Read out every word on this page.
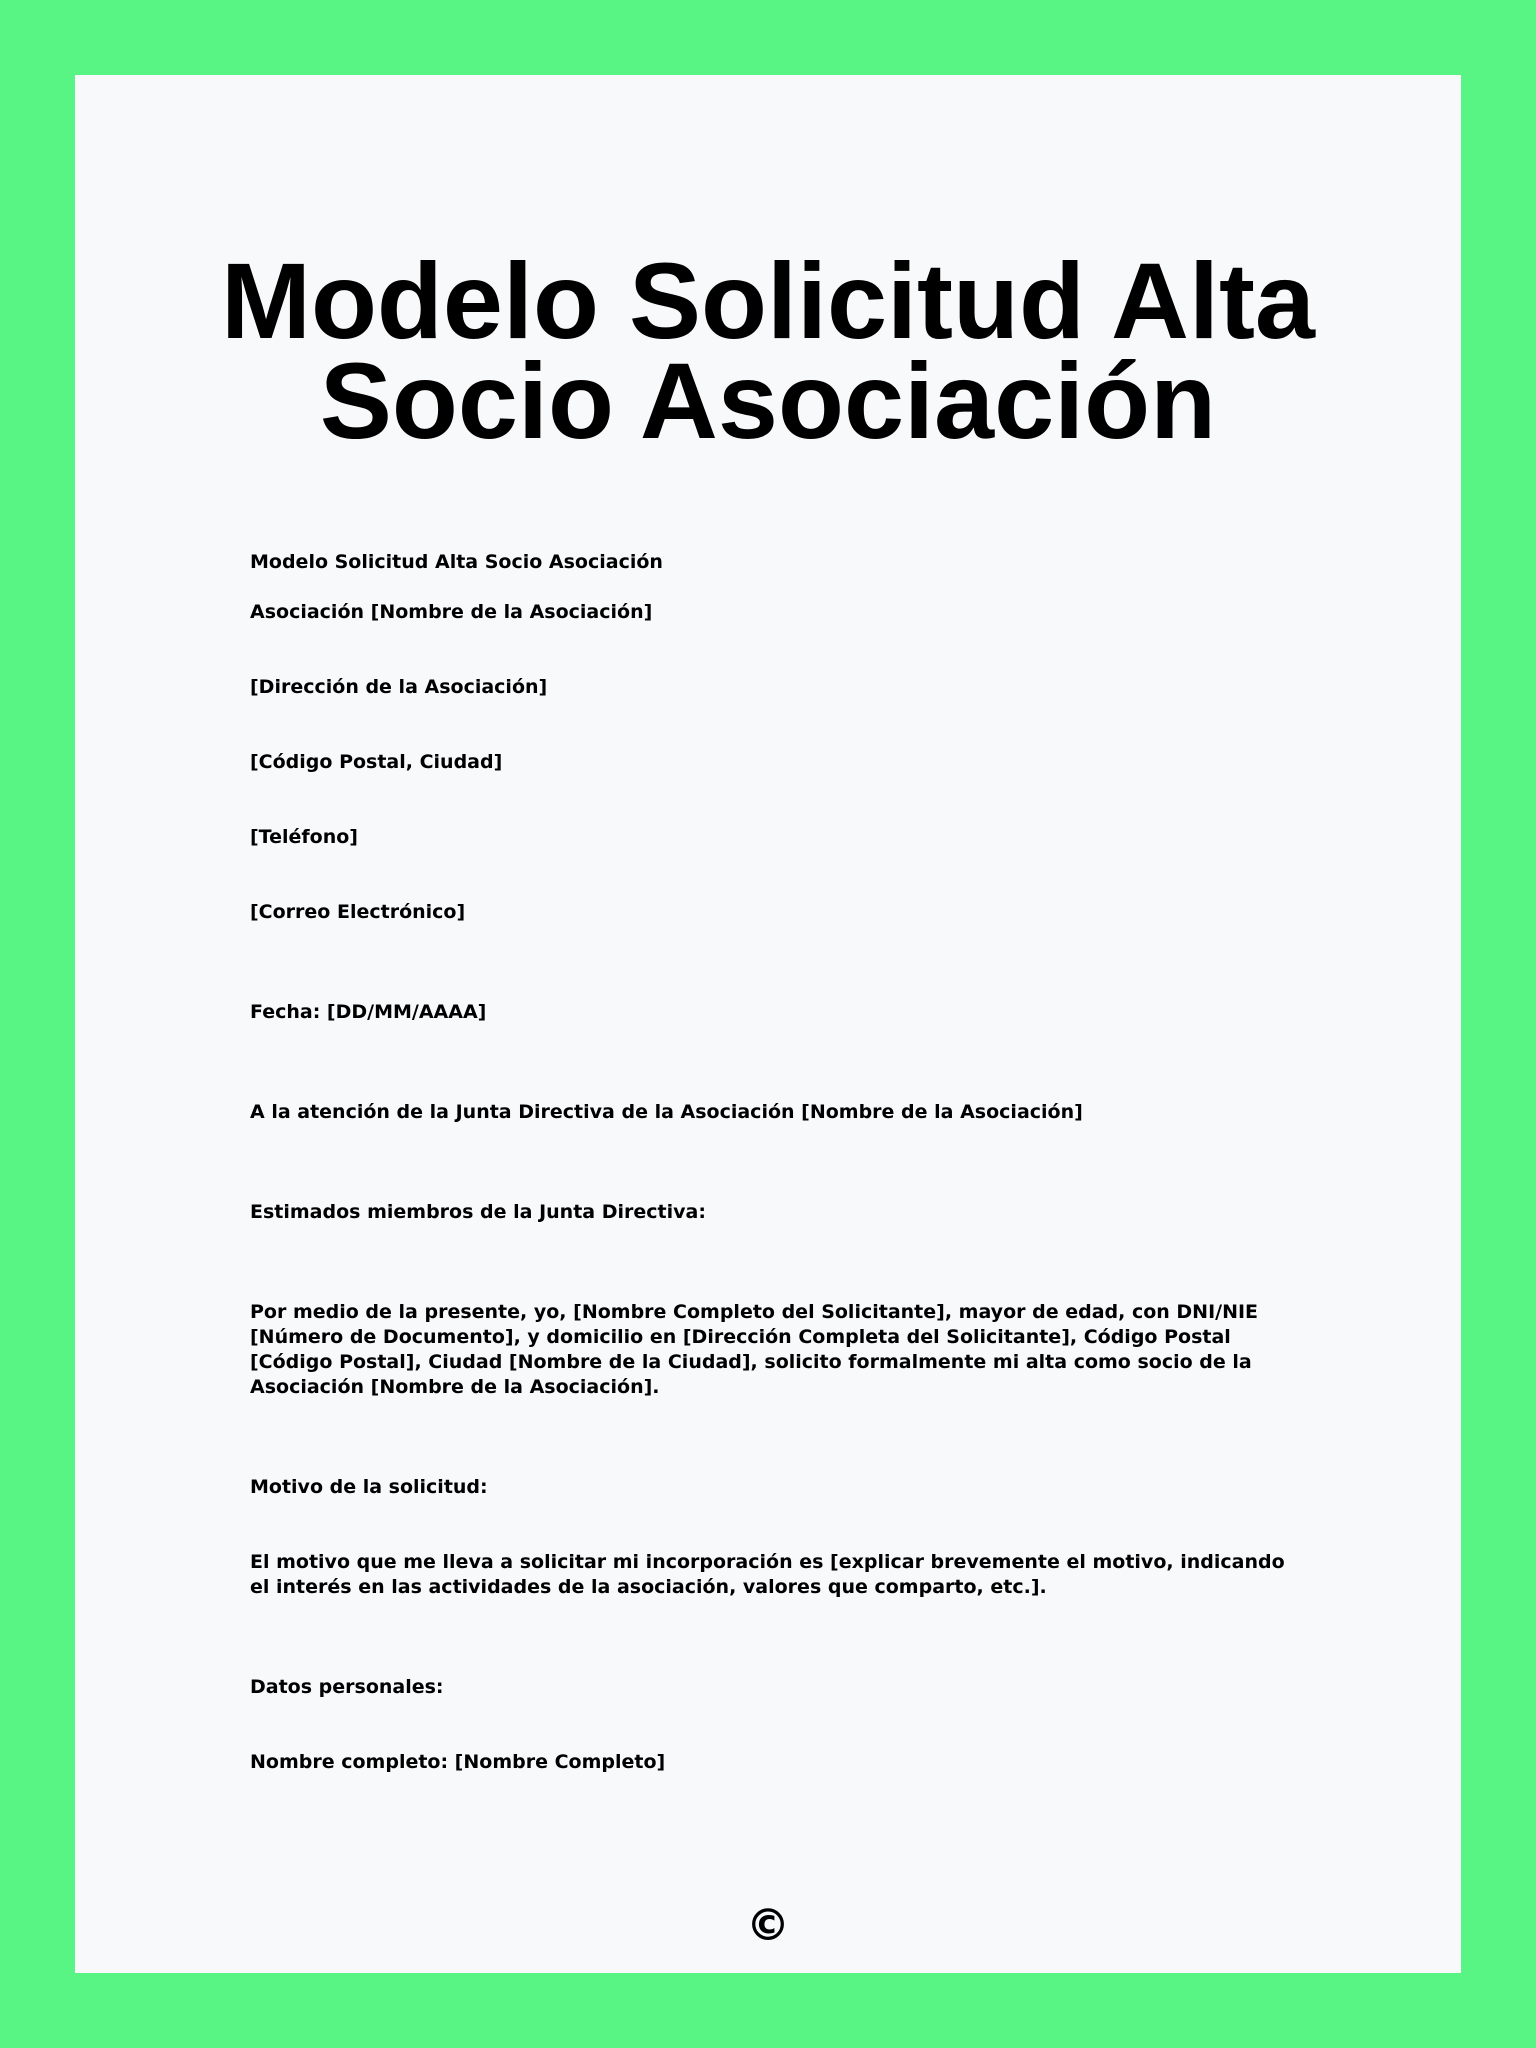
Modelo Solicitud Alta Socio Asociación

Modelo Solicitud Alta Socio Asociación

Asociación [Nombre de la Asociación]

[Dirección de la Asociación]

[Código Postal, Ciudad]

[Teléfono]

[Correo Electrónico]

Fecha: [DD/MM/AAAA]

A la atención de la Junta Directiva de la Asociación [Nombre de la Asociación]

Estimados miembros de la Junta Directiva:

Por medio de la presente, yo, [Nombre Completo del Solicitante], mayor de edad, con DNI/NIE [Número de Documento], y domicilio en [Dirección Completa del Solicitante], Código Postal [Código Postal], Ciudad [Nombre de la Ciudad], solicito formalmente mi alta como socio de la Asociación [Nombre de la Asociación].

Motivo de la solicitud:

El motivo que me lleva a solicitar mi incorporación es [explicar brevemente el motivo, indicando el interés en las actividades de la asociación, valores que comparto, etc.].

Datos personales:

Nombre completo: [Nombre Completo]

©
